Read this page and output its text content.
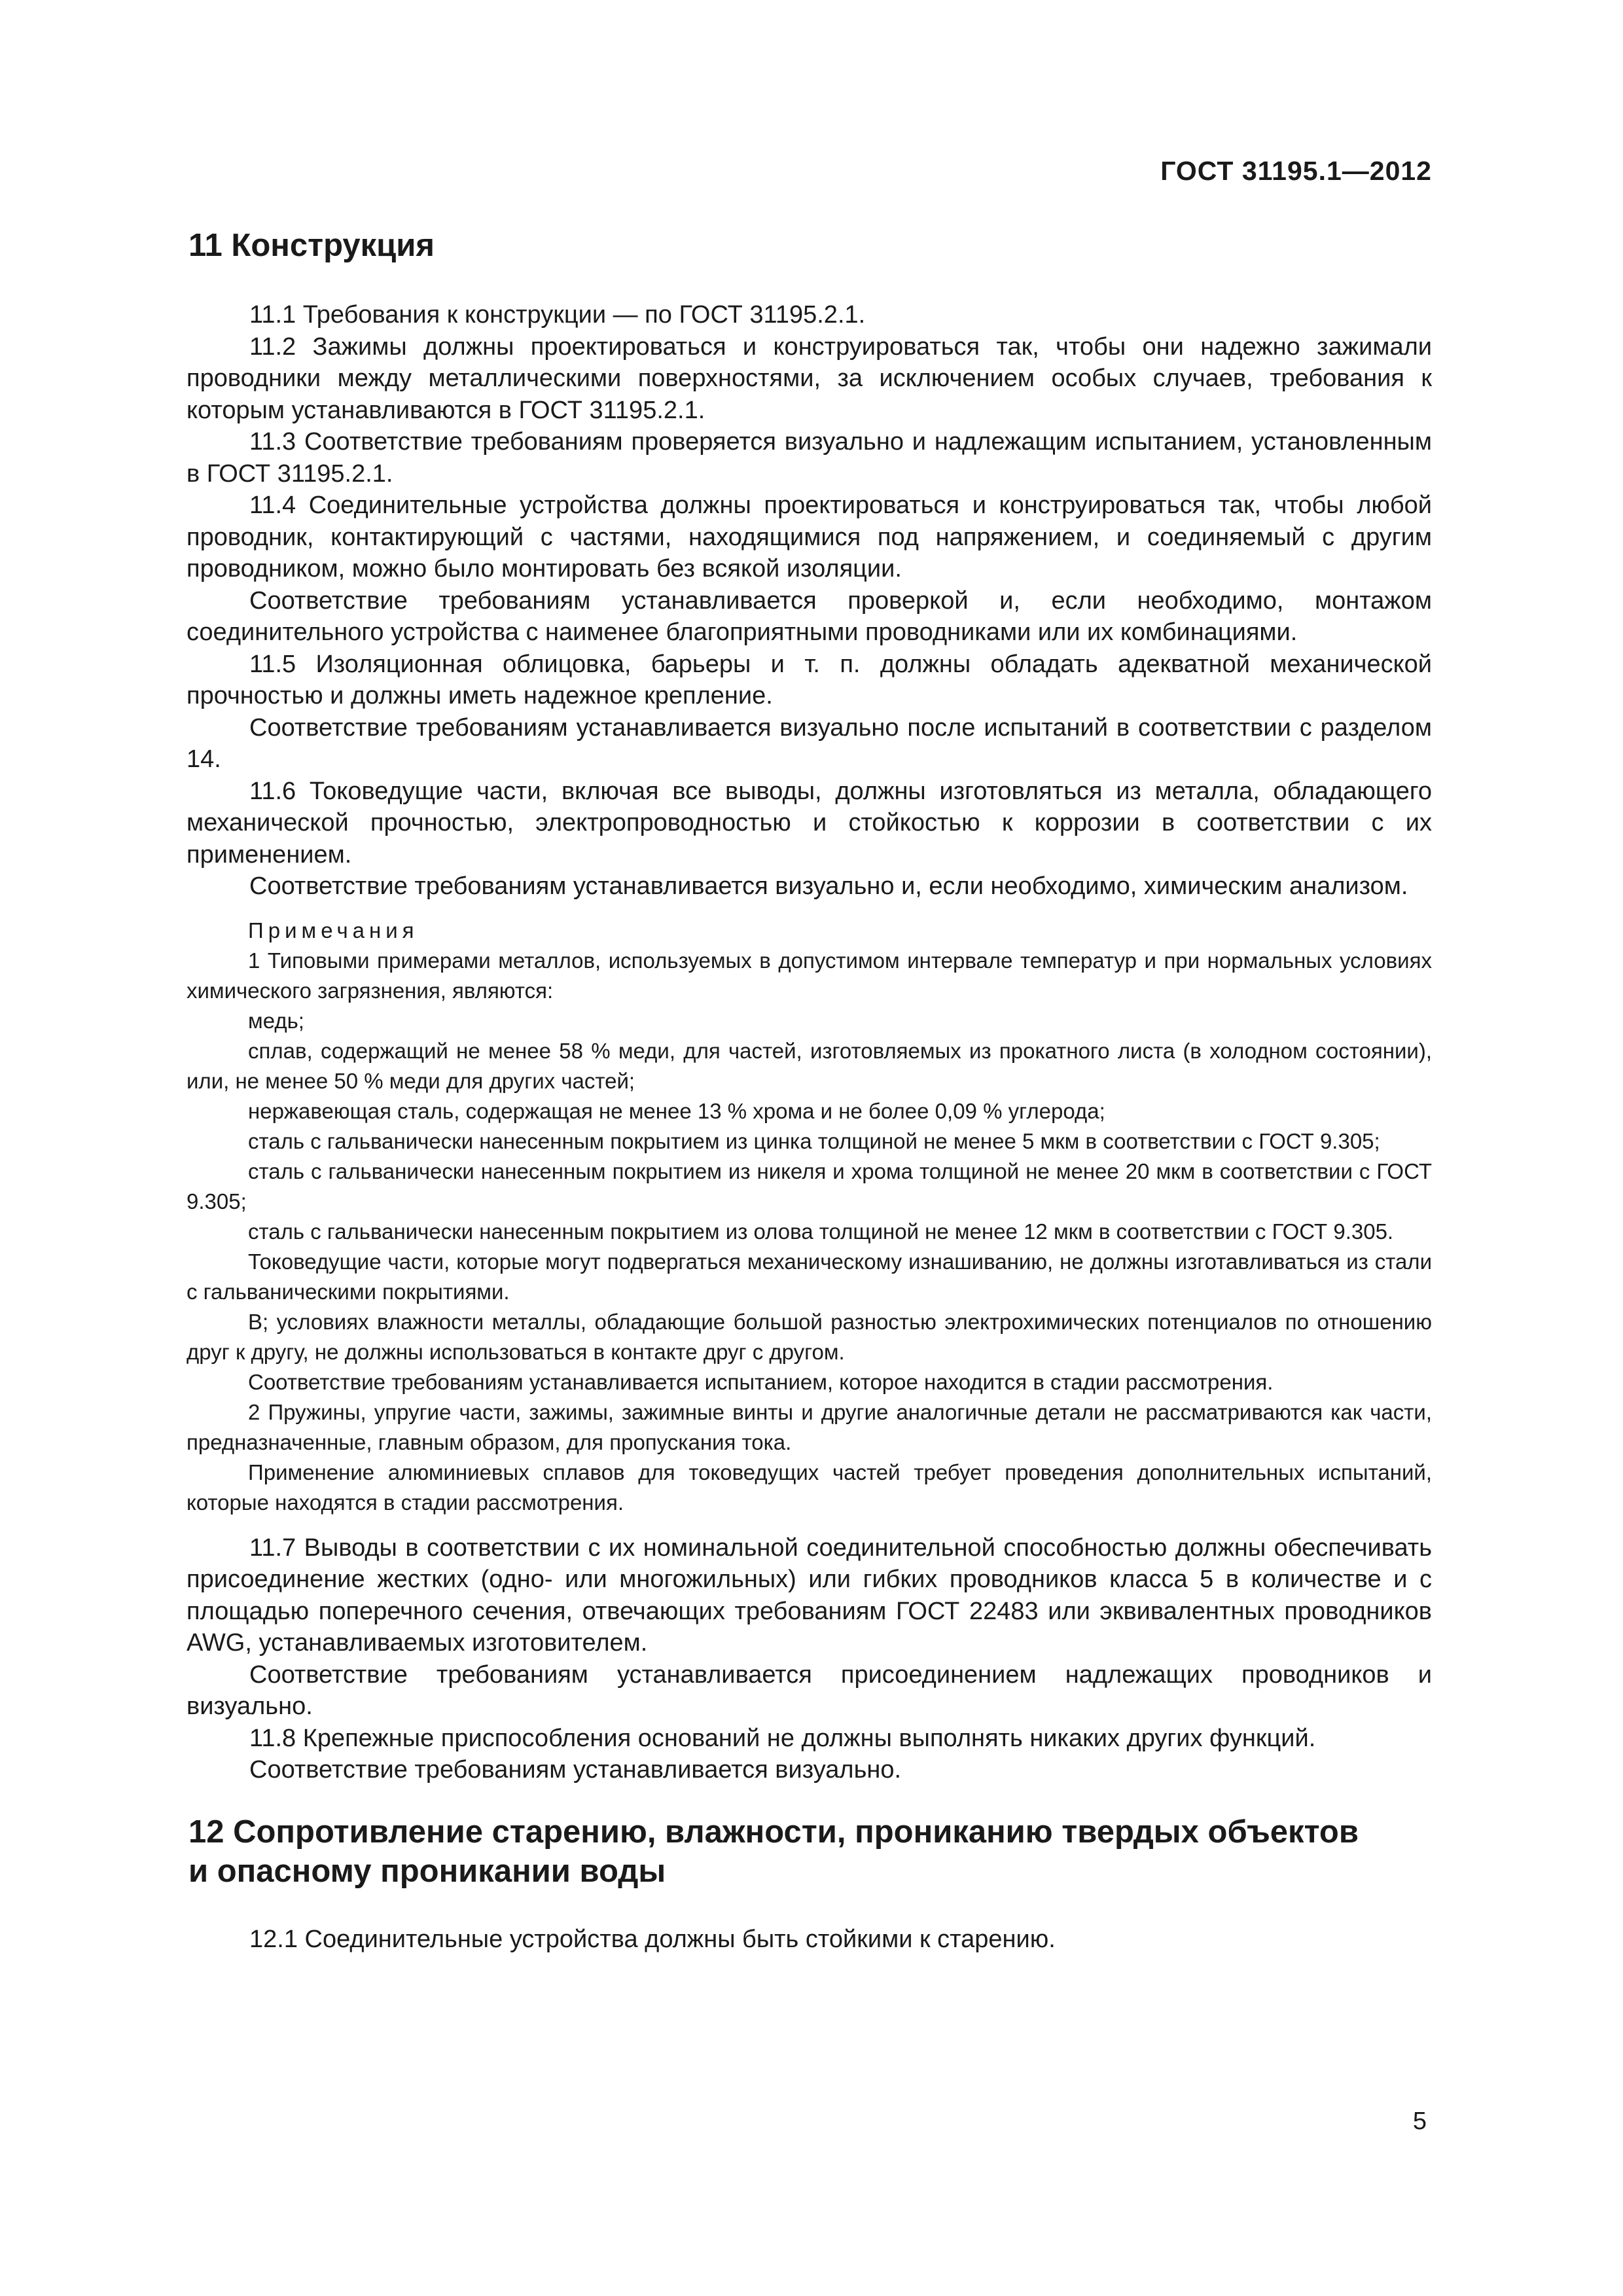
ГОСТ 31195.1—2012
11 Конструкция

11.1 Требования к конструкции — по ГОСТ 31195.2.1.

11.2 Зажимы должны проектироваться и конструироваться так, чтобы они надежно зажимали проводники между металлическими поверхностями, за исключением особых случаев, требования к которым устанавливаются в ГОСТ 31195.2.1.

11.3 Соответствие требованиям проверяется визуально и надлежащим испытанием, установленным в ГОСТ 31195.2.1.

11.4 Соединительные устройства должны проектироваться и конструироваться так, чтобы любой проводник, контактирующий с частями, находящимися под напряжением, и соединяемый с другим проводником, можно было монтировать без всякой изоляции.

Соответствие требованиям устанавливается проверкой и, если необходимо, монтажом соединительного устройства с наименее благоприятными проводниками или их комбинациями.

11.5 Изоляционная облицовка, барьеры и т. п. должны обладать адекватной механической прочностью и должны иметь надежное крепление.

Соответствие требованиям устанавливается визуально после испытаний в соответствии с разделом 14.

11.6 Токоведущие части, включая все выводы, должны изготовляться из металла, обладающего механической прочностью, электропроводностью и стойкостью к коррозии в соответствии с их применением.

Соответствие требованиям устанавливается визуально и, если необходимо, химическим анализом.

Примечания

1 Типовыми примерами металлов, используемых в допустимом интервале температур и при нормальных условиях химического загрязнения, являются:

медь;

сплав, содержащий не менее 58 % меди, для частей, изготовляемых из прокатного листа (в холодном состоянии), или, не менее 50 % меди для других частей;

нержавеющая сталь, содержащая не менее 13 % хрома и не более 0,09 % углерода;

сталь с гальванически нанесенным покрытием из цинка толщиной не менее 5 мкм в соответствии с ГОСТ 9.305;

сталь с гальванически нанесенным покрытием из никеля и хрома толщиной не менее 20 мкм в соответствии с ГОСТ 9.305;

сталь с гальванически нанесенным покрытием из олова толщиной не менее 12 мкм в соответствии с ГОСТ 9.305.

Токоведущие части, которые могут подвергаться механическому изнашиванию, не должны изготавливаться из стали с гальваническими покрытиями.

В; условиях влажности металлы, обладающие большой разностью электрохимических потенциалов по отношению друг к другу, не должны использоваться в контакте друг с другом.

Соответствие требованиям устанавливается испытанием, которое находится в стадии рассмотрения.

2 Пружины, упругие части, зажимы, зажимные винты и другие аналогичные детали не рассматриваются как части, предназначенные, главным образом, для пропускания тока.

Применение алюминиевых сплавов для токоведущих частей требует проведения дополнительных испытаний, которые находятся в стадии рассмотрения.

11.7 Выводы в соответствии с их номинальной соединительной способностью должны обеспечивать присоединение жестких (одно- или многожильных) или гибких проводников класса 5 в количестве и с площадью поперечного сечения, отвечающих требованиям ГОСТ 22483 или эквивалентных проводников AWG, устанавливаемых изготовителем.

Соответствие требованиям устанавливается присоединением надлежащих проводников и визуально.

11.8 Крепежные приспособления оснований не должны выполнять никаких других функций.

Соответствие требованиям устанавливается визуально.

12 Сопротивление старению, влажности, прониканию твердых объектов
и опасному проникании воды

12.1 Соединительные устройства должны быть стойкими к старению.

5
